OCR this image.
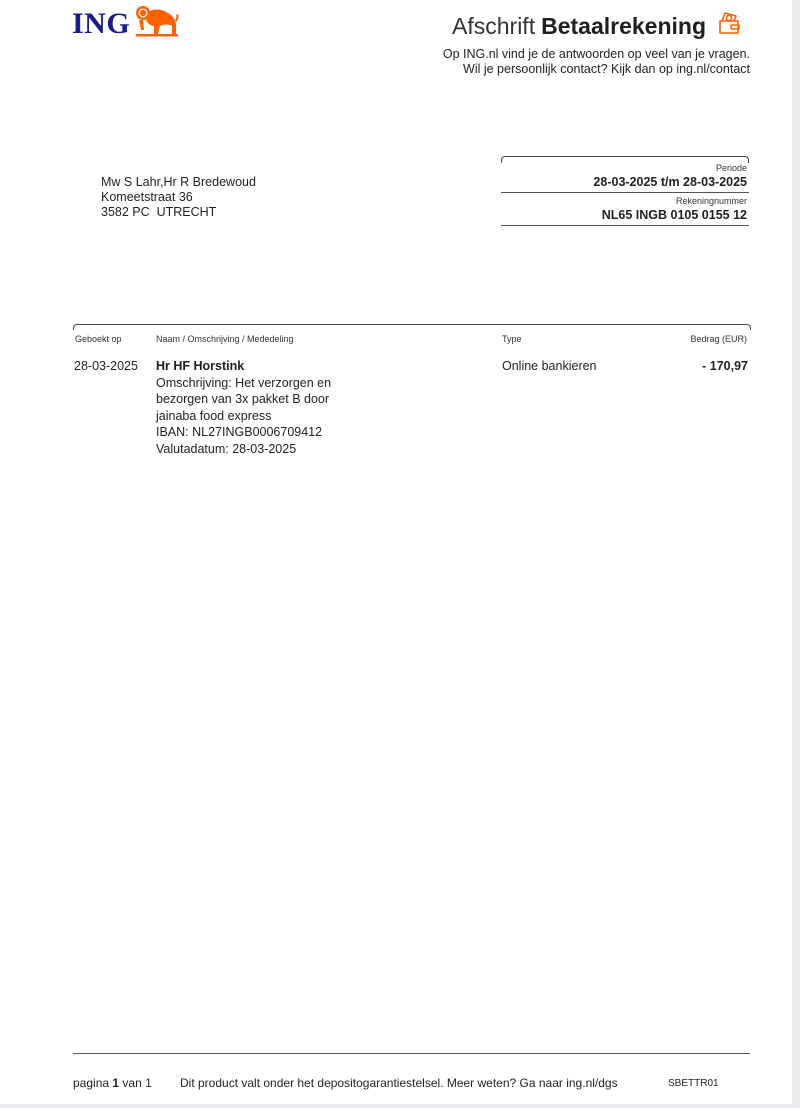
ING	Afschrift Betaalrekening
Op ING.nl vind je de antwoorden op veel van je vragen.
Wil je persoonlijk contact? Kijk dan op ing.nl/contact
Mw S Lahr,Hr R Bredewoud
Komeetstraat 36
3582 PC  UTRECHT
Periode
28-03-2025 t/m 28-03-2025
Rekeningnummer
NL65 INGB 0105 0155 12
Geboekt op	Naam / Omschrijving / Mededeling	Type	Bedrag (EUR)
28-03-2025 Hr HF Horstink
Omschrijving: Het verzorgen en
bezorgen van 3x pakket B door
jainaba food express
IBAN: NL27INGB0006709412
Valutadatum: 28-03-2025
Online bankieren	- 170,97
pagina 1 van 1 Dit product valt onder het depositogarantiestelsel. Meer weten? Ga naar ing.nl/dgs	SBETTR01
